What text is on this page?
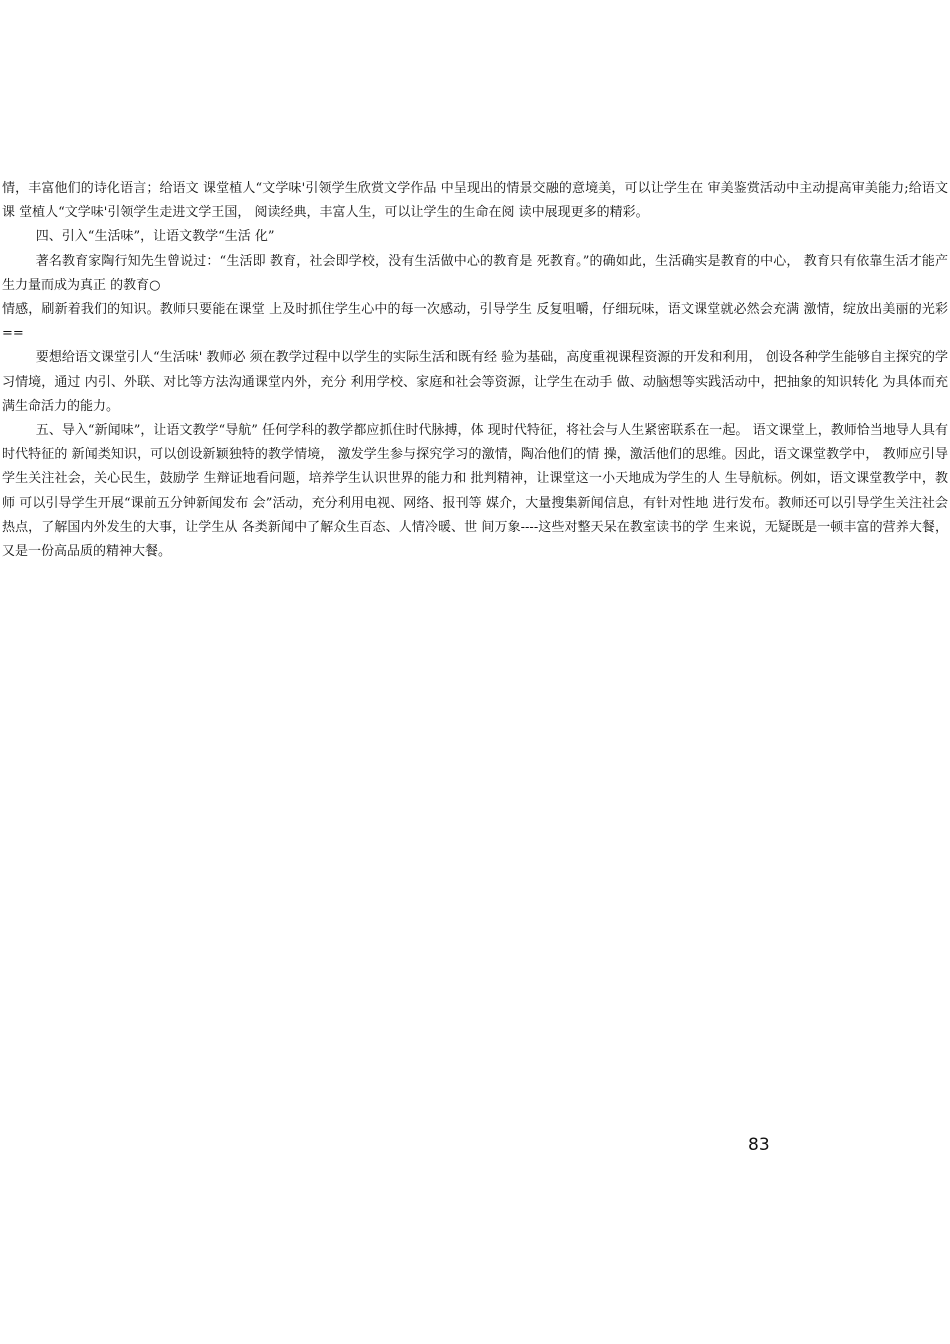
情，丰富他们的诗化语言；给语文 课堂植人“文学味'引领学生欣赏文学作品 中呈现出的情景交融的意境美，可以让学生在 审美鉴赏活动中主动提高审美能力;给语文课 堂植人“文学味'引领学生走进文学王国， 阅读经典，丰富人生，可以让学生的生命在阅 读中展现更多的精彩。

四、引入“生活味”，让语文教学“生活 化”

著名教育家陶行知先生曾说过：“生活即 教育，社会即学校，没有生活做中心的教育是 死教育。”的确如此，生活确实是教育的中心， 教育只有依靠生活才能产生力量而成为真正 的教育○

情感，刷新着我们的知识。教师只要能在课堂 上及时抓住学生心中的每一次感动，引导学生 反复咀嚼，仔细玩味，语文课堂就必然会充满 激情，绽放出美丽的光彩==

要想给语文课堂引人“生活味' 教师必 须在教学过程中以学生的实际生活和既有经 验为基础，高度重视课程资源的开发和利用， 创设各种学生能够自主探究的学习情境，通过 内引、外联、对比等方法沟通课堂内外，充分 利用学校、家庭和社会等资源，让学生在动手 做、动脑想等实践活动中，把抽象的知识转化 为具体而充满生命活力的能力。

五、导入“新闻味”，让语文教学“导航” 任何学科的教学都应抓住时代脉搏，体 现时代特征，将社会与人生紧密联系在一起。 语文课堂上，教师恰当地导人具有时代特征的 新闻类知识，可以创设新颖独特的教学情境， 激发学生参与探究学习的激情，陶冶他们的情 操，激活他们的思维。因此，语文课堂教学中， 教师应引导学生关注社会，关心民生，鼓励学 生辩证地看问题，培养学生认识世界的能力和 批判精神，让课堂这一小天地成为学生的人 生导航标。例如，语文课堂教学中，教师 可以引导学生开展“课前五分钟新闻发布 会”活动，充分利用电视、网络、报刊等 媒介，大量搜集新闻信息，有针对性地 进行发布。教师还可以引导学生关注社会 热点，了解国内外发生的大事，让学生从 各类新闻中了解众生百态、人情冷暖、世 间万象----这些对整天呆在教室读书的学 生来说，无疑既是一顿丰富的营养大餐， 又是一份高品质的精神大餐。

83
